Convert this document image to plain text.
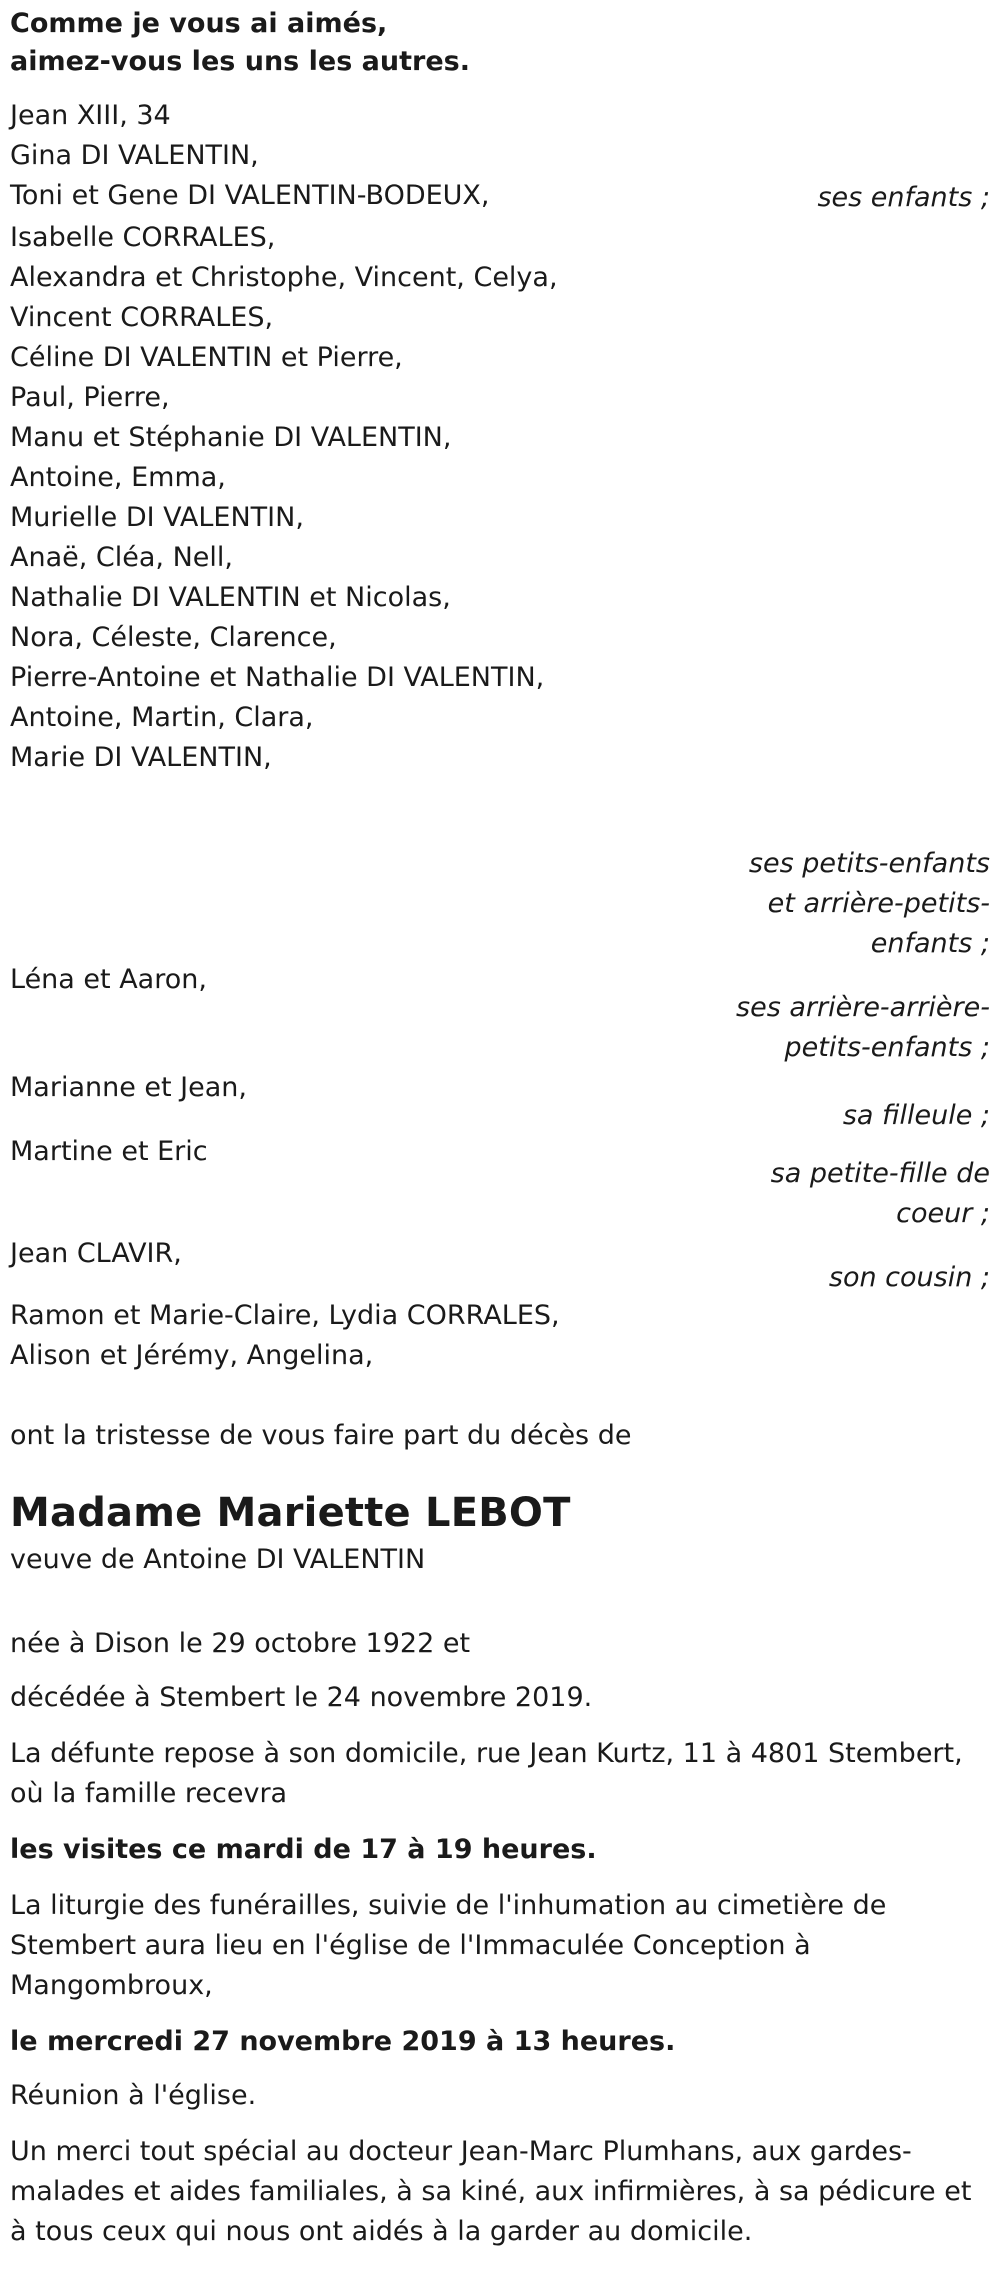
Comme je vous ai aimés,

aimez-vous les uns les autres.

Jean XIII, 34

Gina DI VALENTIN,
Toni et Gene DI VALENTIN-BODEUX,	ses enfants ;
Isabelle CORRALES,
Alexandra et Christophe, Vincent, Celya,
Vincent CORRALES,
Céline DI VALENTIN et Pierre,
Paul, Pierre,
Manu et Stéphanie DI VALENTIN,
Antoine, Emma,
Murielle DI VALENTIN,
Anaë, Cléa, Nell,
Nathalie DI VALENTIN et Nicolas,
Nora, Céleste, Clarence,
Pierre-Antoine et Nathalie DI VALENTIN,
Antoine, Martin, Clara,
Marie DI VALENTIN,
ses petits-enfants
et arrière-petits-
enfants ;
Léna et Aaron,
ses arrière-arrière-
petits-enfants ;
Marianne et Jean,
sa filleule ;
Martine et Eric
sa petite-fille de
coeur ;
Jean CLAVIR,
son cousin ;
Ramon et Marie-Claire, Lydia CORRALES,
Alison et Jérémy, Angelina,

ont la tristesse de vous faire part du décès de

Madame Mariette LEBOT

veuve de Antoine DI VALENTIN

née à Dison le 29 octobre 1922 et

décédée à Stembert le 24 novembre 2019.

La défunte repose à son domicile, rue Jean Kurtz, 11 à 4801 Stembert, où la famille recevra

les visites ce mardi de 17 à 19 heures.

La liturgie des funérailles, suivie de l'inhumation au cimetière de Stembert aura lieu en l'église de l'Immaculée Conception à Mangombroux,

le mercredi 27 novembre 2019 à 13 heures.

Réunion à l'église.

Un merci tout spécial au docteur Jean-Marc Plumhans, aux gardes-malades et aides familiales, à sa kiné, aux infirmières, à sa pédicure et à tous ceux qui nous ont aidés à la garder au domicile.
